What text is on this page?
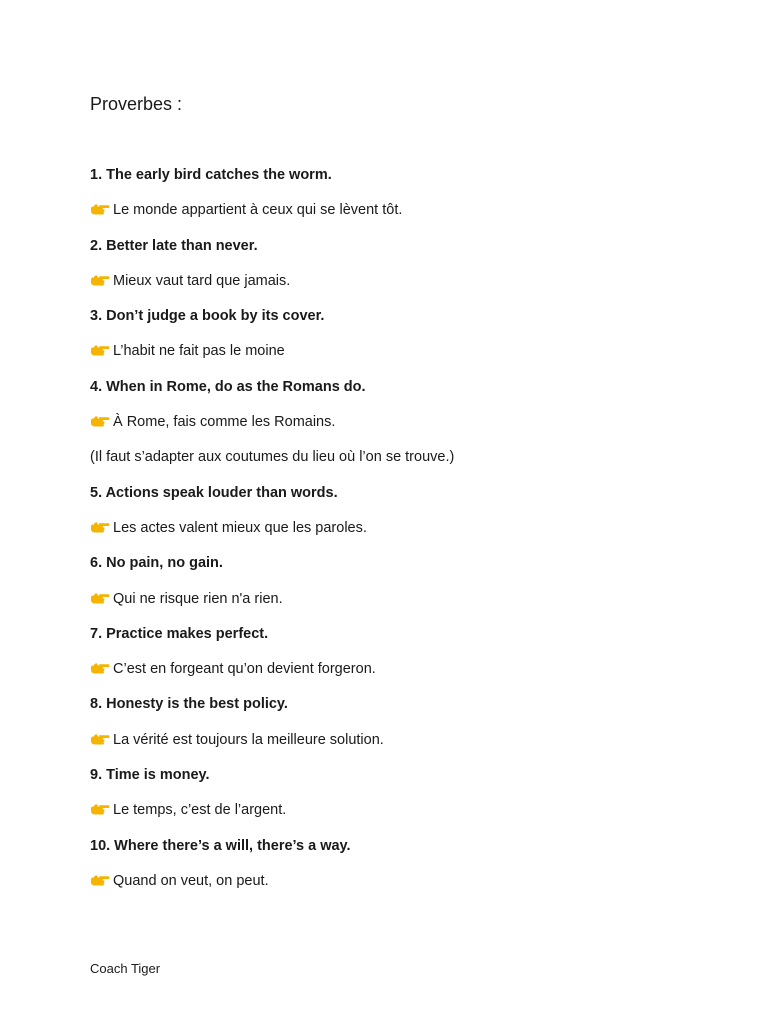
Proverbes :
1. The early bird catches the worm.
Le monde appartient à ceux qui se lèvent tôt.
2. Better late than never.
Mieux vaut tard que jamais.
3. Don’t judge a book by its cover.
L’habit ne fait pas le moine
4. When in Rome, do as the Romans do.
À Rome, fais comme les Romains.
(Il faut s’adapter aux coutumes du lieu où l’on se trouve.)
5. Actions speak louder than words.
Les actes valent mieux que les paroles.
6. No pain, no gain.
Qui ne risque rien n'a rien.
7. Practice makes perfect.
C’est en forgeant qu’on devient forgeron.
8. Honesty is the best policy.
La vérité est toujours la meilleure solution.
9. Time is money.
Le temps, c’est de l’argent.
10. Where there’s a will, there’s a way.
Quand on veut, on peut.
Coach Tiger
